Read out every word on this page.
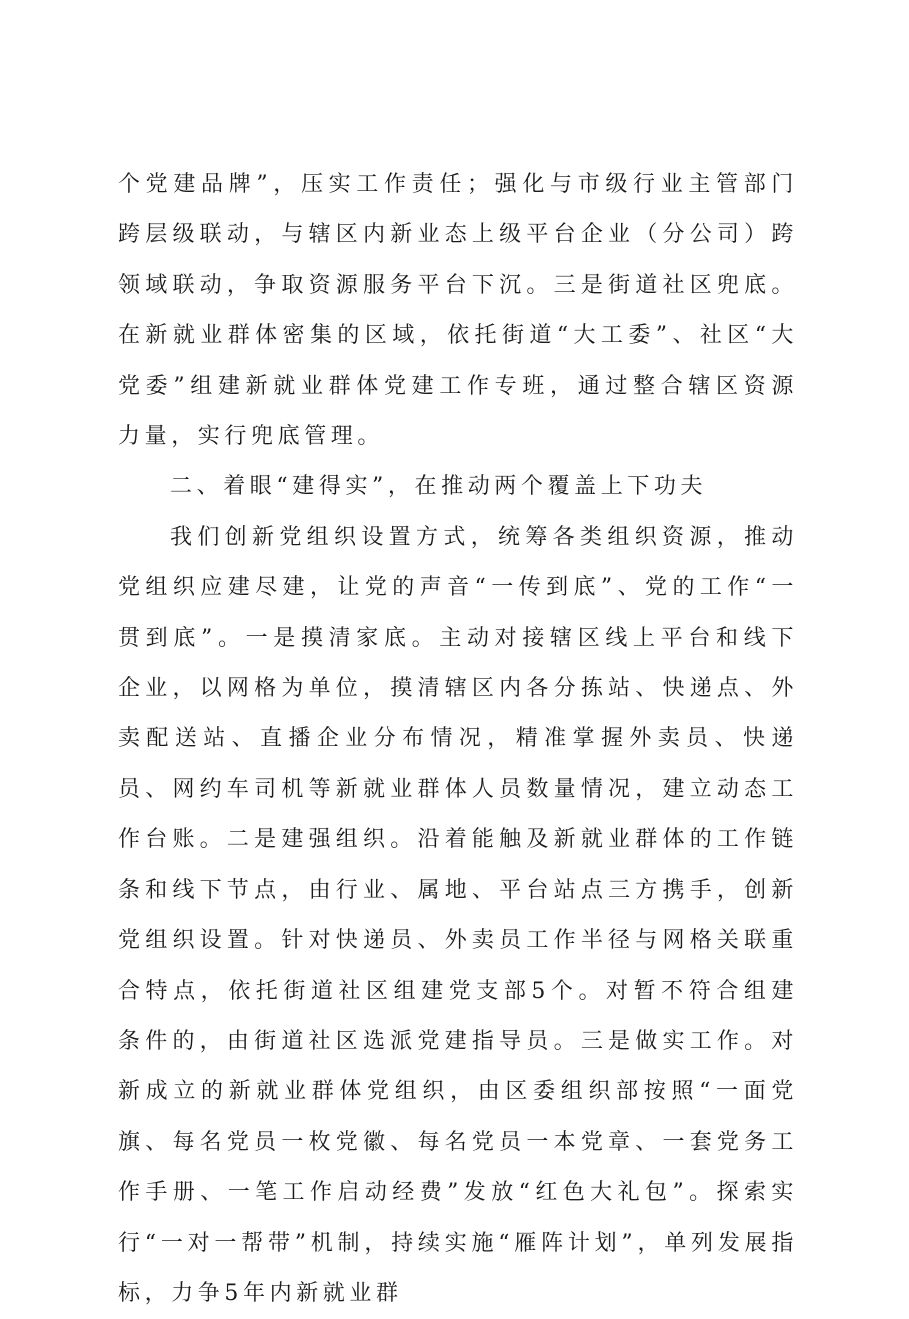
个党建品牌”，压实工作责任；强化与市级行业主管部门跨层级联动，与辖区内新业态上级平台企业（分公司）跨领域联动，争取资源服务平台下沉。三是街道社区兜底。在新就业群体密集的区域，依托街道“大工委”、社区“大党委”组建新就业群体党建工作专班，通过整合辖区资源力量，实行兜底管理。

二、着眼“建得实”，在推动两个覆盖上下功夫

我们创新党组织设置方式，统筹各类组织资源，推动党组织应建尽建，让党的声音“一传到底”、党的工作“一贯到底”。一是摸清家底。主动对接辖区线上平台和线下企业，以网格为单位，摸清辖区内各分拣站、快递点、外卖配送站、直播企业分布情况，精准掌握外卖员、快递员、网约车司机等新就业群体人员数量情况，建立动态工作台账。二是建强组织。沿着能触及新就业群体的工作链条和线下节点，由行业、属地、平台站点三方携手，创新党组织设置。针对快递员、外卖员工作半径与网格关联重合特点，依托街道社区组建党支部5个。对暂不符合组建条件的，由街道社区选派党建指导员。三是做实工作。对新成立的新就业群体党组织，由区委组织部按照“一面党旗、每名党员一枚党徽、每名党员一本党章、一套党务工作手册、一笔工作启动经费”发放“红色大礼包”。探索实行“一对一帮带”机制，持续实施“雁阵计划”，单列发展指标，力争5年内新就业群
